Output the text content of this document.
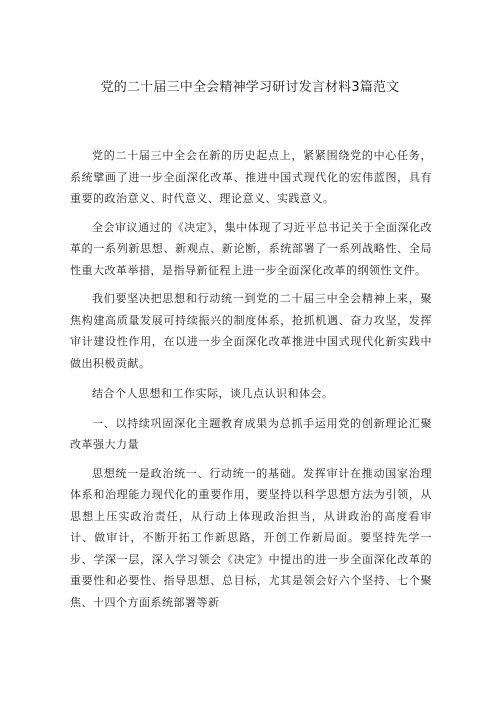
党的二十届三中全会精神学习研讨发言材料3篇范文

党的二十届三中全会在新的历史起点上，紧紧围绕党的中心任务，系统擘画了进一步全面深化改革、推进中国式现代化的宏伟蓝图，具有重要的政治意义、时代意义、理论意义、实践意义。

全会审议通过的《决定》，集中体现了习近平总书记关于全面深化改革的一系列新思想、新观点、新论断，系统部署了一系列战略性、全局性重大改革举措，是指导新征程上进一步全面深化改革的纲领性文件。

我们要坚决把思想和行动统一到党的二十届三中全会精神上来，聚焦构建高质量发展可持续振兴的制度体系，抢抓机遇、奋力攻坚，发挥审计建设性作用，在以进一步全面深化改革推进中国式现代化新实践中做出积极贡献。

结合个人思想和工作实际，谈几点认识和体会。

一、以持续巩固深化主题教育成果为总抓手运用党的创新理论汇聚改革强大力量

思想统一是政治统一、行动统一的基础。发挥审计在推动国家治理体系和治理能力现代化的重要作用，要坚持以科学思想方法为引领，从思想上压实政治责任，从行动上体现政治担当，从讲政治的高度看审计、做审计，不断开拓工作新思路，开创工作新局面。要坚持先学一步、学深一层，深入学习领会《决定》中提出的进一步全面深化改革的重要性和必要性、指导思想、总目标，尤其是领会好六个坚持、七个聚焦、十四个方面系统部署等新
